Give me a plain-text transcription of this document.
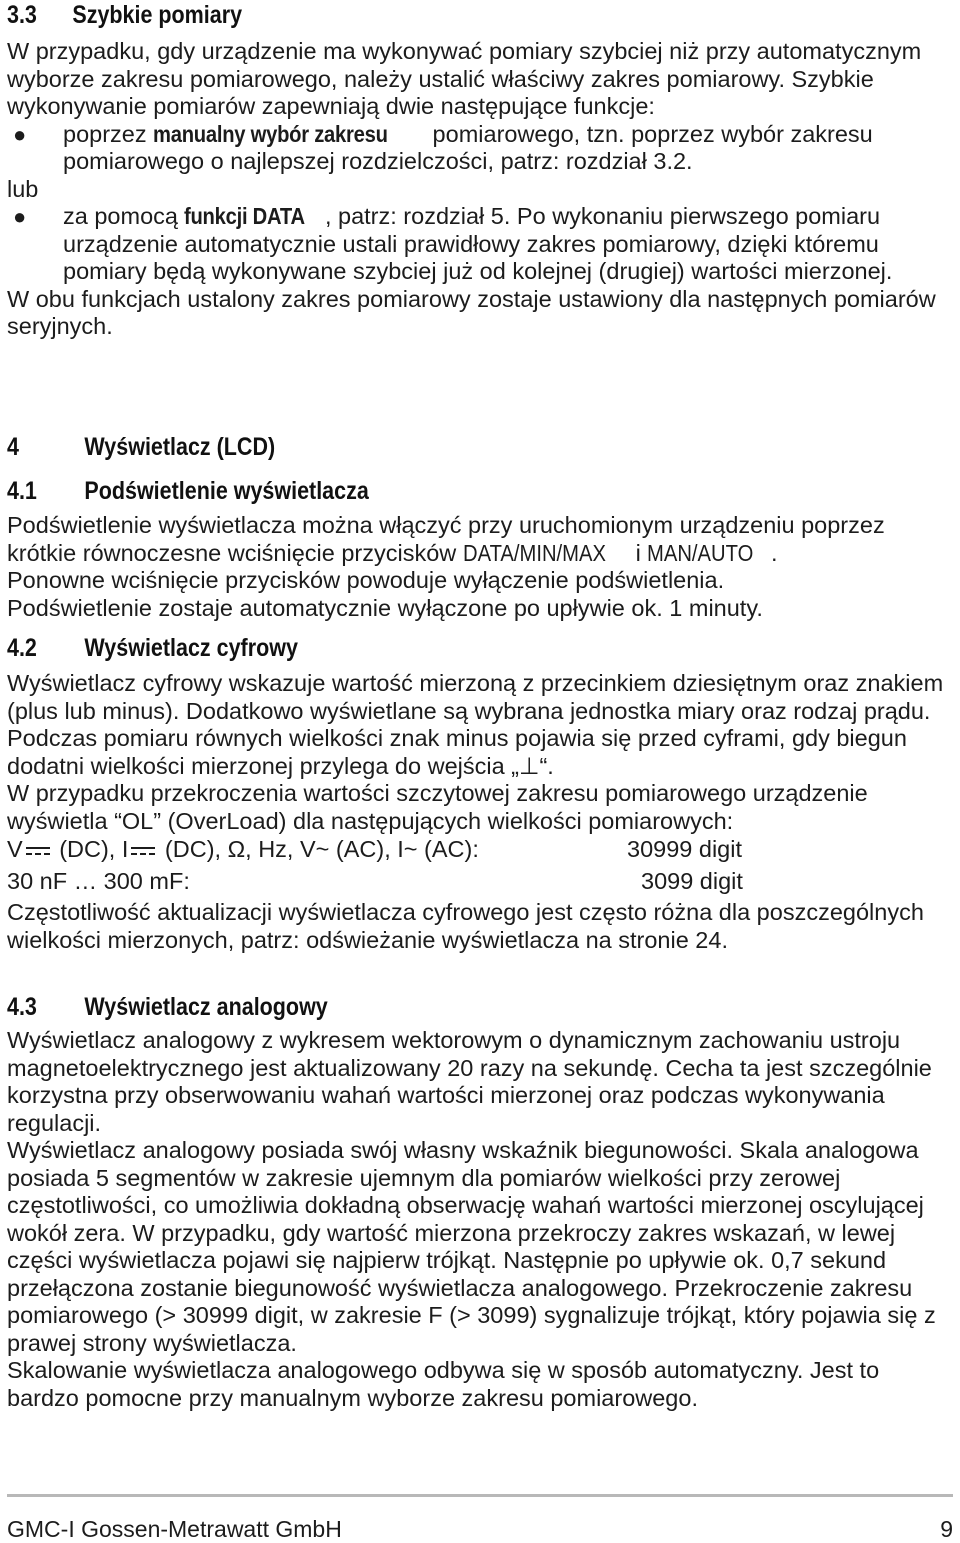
3.3 Szybkie pomiary

W przypadku, gdy urządzenie ma wykonywać pomiary szybciej niż przy automatycznym wyborze zakresu pomiarowego, należy ustalić właściwy zakres pomiarowy. Szybkie wykonywanie pomiarów zapewniają dwie następujące funkcje:

● poprzez manualny wybór zakresu pomiarowego, tzn. poprzez wybór zakresu pomiarowego o najlepszej rozdzielczości, patrz: rozdział 3.2.

lub

● za pomocą funkcji DATA , patrz: rozdział 5. Po wykonaniu pierwszego pomiaru urządzenie automatycznie ustali prawidłowy zakres pomiarowy, dzięki któremu pomiary będą wykonywane szybciej już od kolejnej (drugiej) wartości mierzonej.

W obu funkcjach ustalony zakres pomiarowy zostaje ustawiony dla następnych pomiarów seryjnych.

4	Wyświetlacz (LCD)
4.1 Podświetlenie wyświetlacza

Podświetlenie wyświetlacza można włączyć przy uruchomionym urządzeniu poprzez krótkie równoczesne wciśnięcie przycisków DATA/MIN/MAX i MAN/AUTO .

Ponowne wciśnięcie przycisków powoduje wyłączenie podświetlenia.

Podświetlenie zostaje automatycznie wyłączone po upływie ok. 1 minuty.

4.2 Wyświetlacz cyfrowy

Wyświetlacz cyfrowy wskazuje wartość mierzoną z przecinkiem dziesiętnym oraz znakiem (plus lub minus). Dodatkowo wyświetlane są wybrana jednostka miary oraz rodzaj prądu. Podczas pomiaru równych wielkości znak minus pojawia się przed cyframi, gdy biegun dodatni wielkości mierzonej przylega do wejścia „⊥“.

W przypadku przekroczenia wartości szczytowej zakresu pomiarowego urządzenie wyświetla “OL” (OverLoad) dla następujących wielkości pomiarowych:

V (DC), I (DC), Ω, Hz, V~ (AC), I~ (AC):	30999 digit
30 nF … 300 mF:	3099 digit

Częstotliwość aktualizacji wyświetlacza cyfrowego jest często różna dla poszczególnych wielkości mierzonych, patrz: odświeżanie wyświetlacza na stronie 24.

4.3 Wyświetlacz analogowy

Wyświetlacz analogowy z wykresem wektorowym o dynamicznym zachowaniu ustroju magnetoelektrycznego jest aktualizowany 20 razy na sekundę. Cecha ta jest szczególnie korzystna przy obserwowaniu wahań wartości mierzonej oraz podczas wykonywania regulacji.

Wyświetlacz analogowy posiada swój własny wskaźnik biegunowości. Skala analogowa posiada 5 segmentów w zakresie ujemnym dla pomiarów wielkości przy zerowej częstotliwości, co umożliwia dokładną obserwację wahań wartości mierzonej oscylującej wokół zera. W przypadku, gdy wartość mierzona przekroczy zakres wskazań, w lewej części wyświetlacza pojawi się najpierw trójkąt. Następnie po upływie ok. 0,7 sekund przełączona zostanie biegunowość wyświetlacza analogowego. Przekroczenie zakresu pomiarowego (> 30999 digit, w zakresie F (> 3099) sygnalizuje trójkąt, który pojawia się z prawej strony wyświetlacza.

Skalowanie wyświetlacza analogowego odbywa się w sposób automatyczny. Jest to bardzo pomocne przy manualnym wyborze zakresu pomiarowego.

GMC-I Gossen-Metrawatt GmbH	9
